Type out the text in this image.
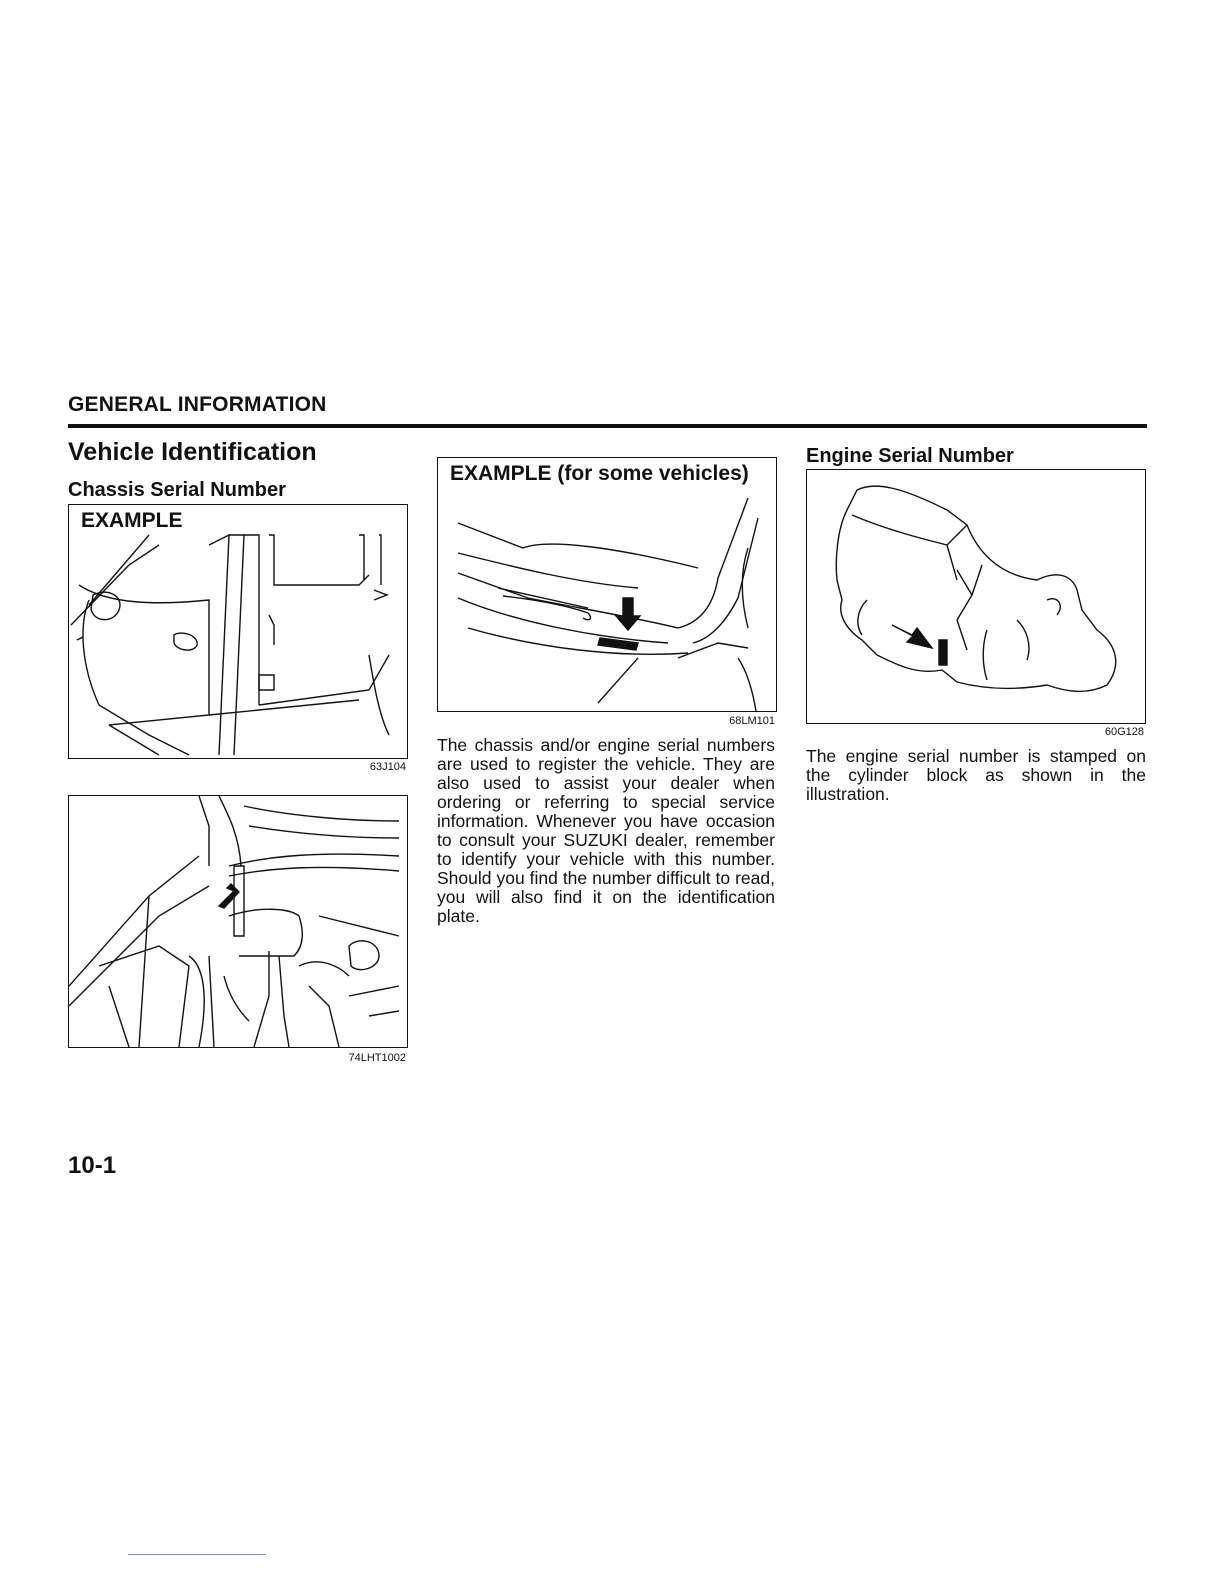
GENERAL INFORMATION
Vehicle Identification
Chassis Serial Number
EXAMPLE
63J104
74LHT1002
EXAMPLE (for some vehicles)
68LM101
The chassis and/or engine serial numbers are used to register the vehicle. They are also used to assist your dealer when ordering or referring to special service information. Whenever you have occasion to consult your SUZUKI dealer, remember to identify your vehicle with this number. Should you find the number difficult to read, you will also find it on the identification plate.
Engine Serial Number
60G128
The engine serial number is stamped on the cylinder block as shown in the illustration.
10-1
